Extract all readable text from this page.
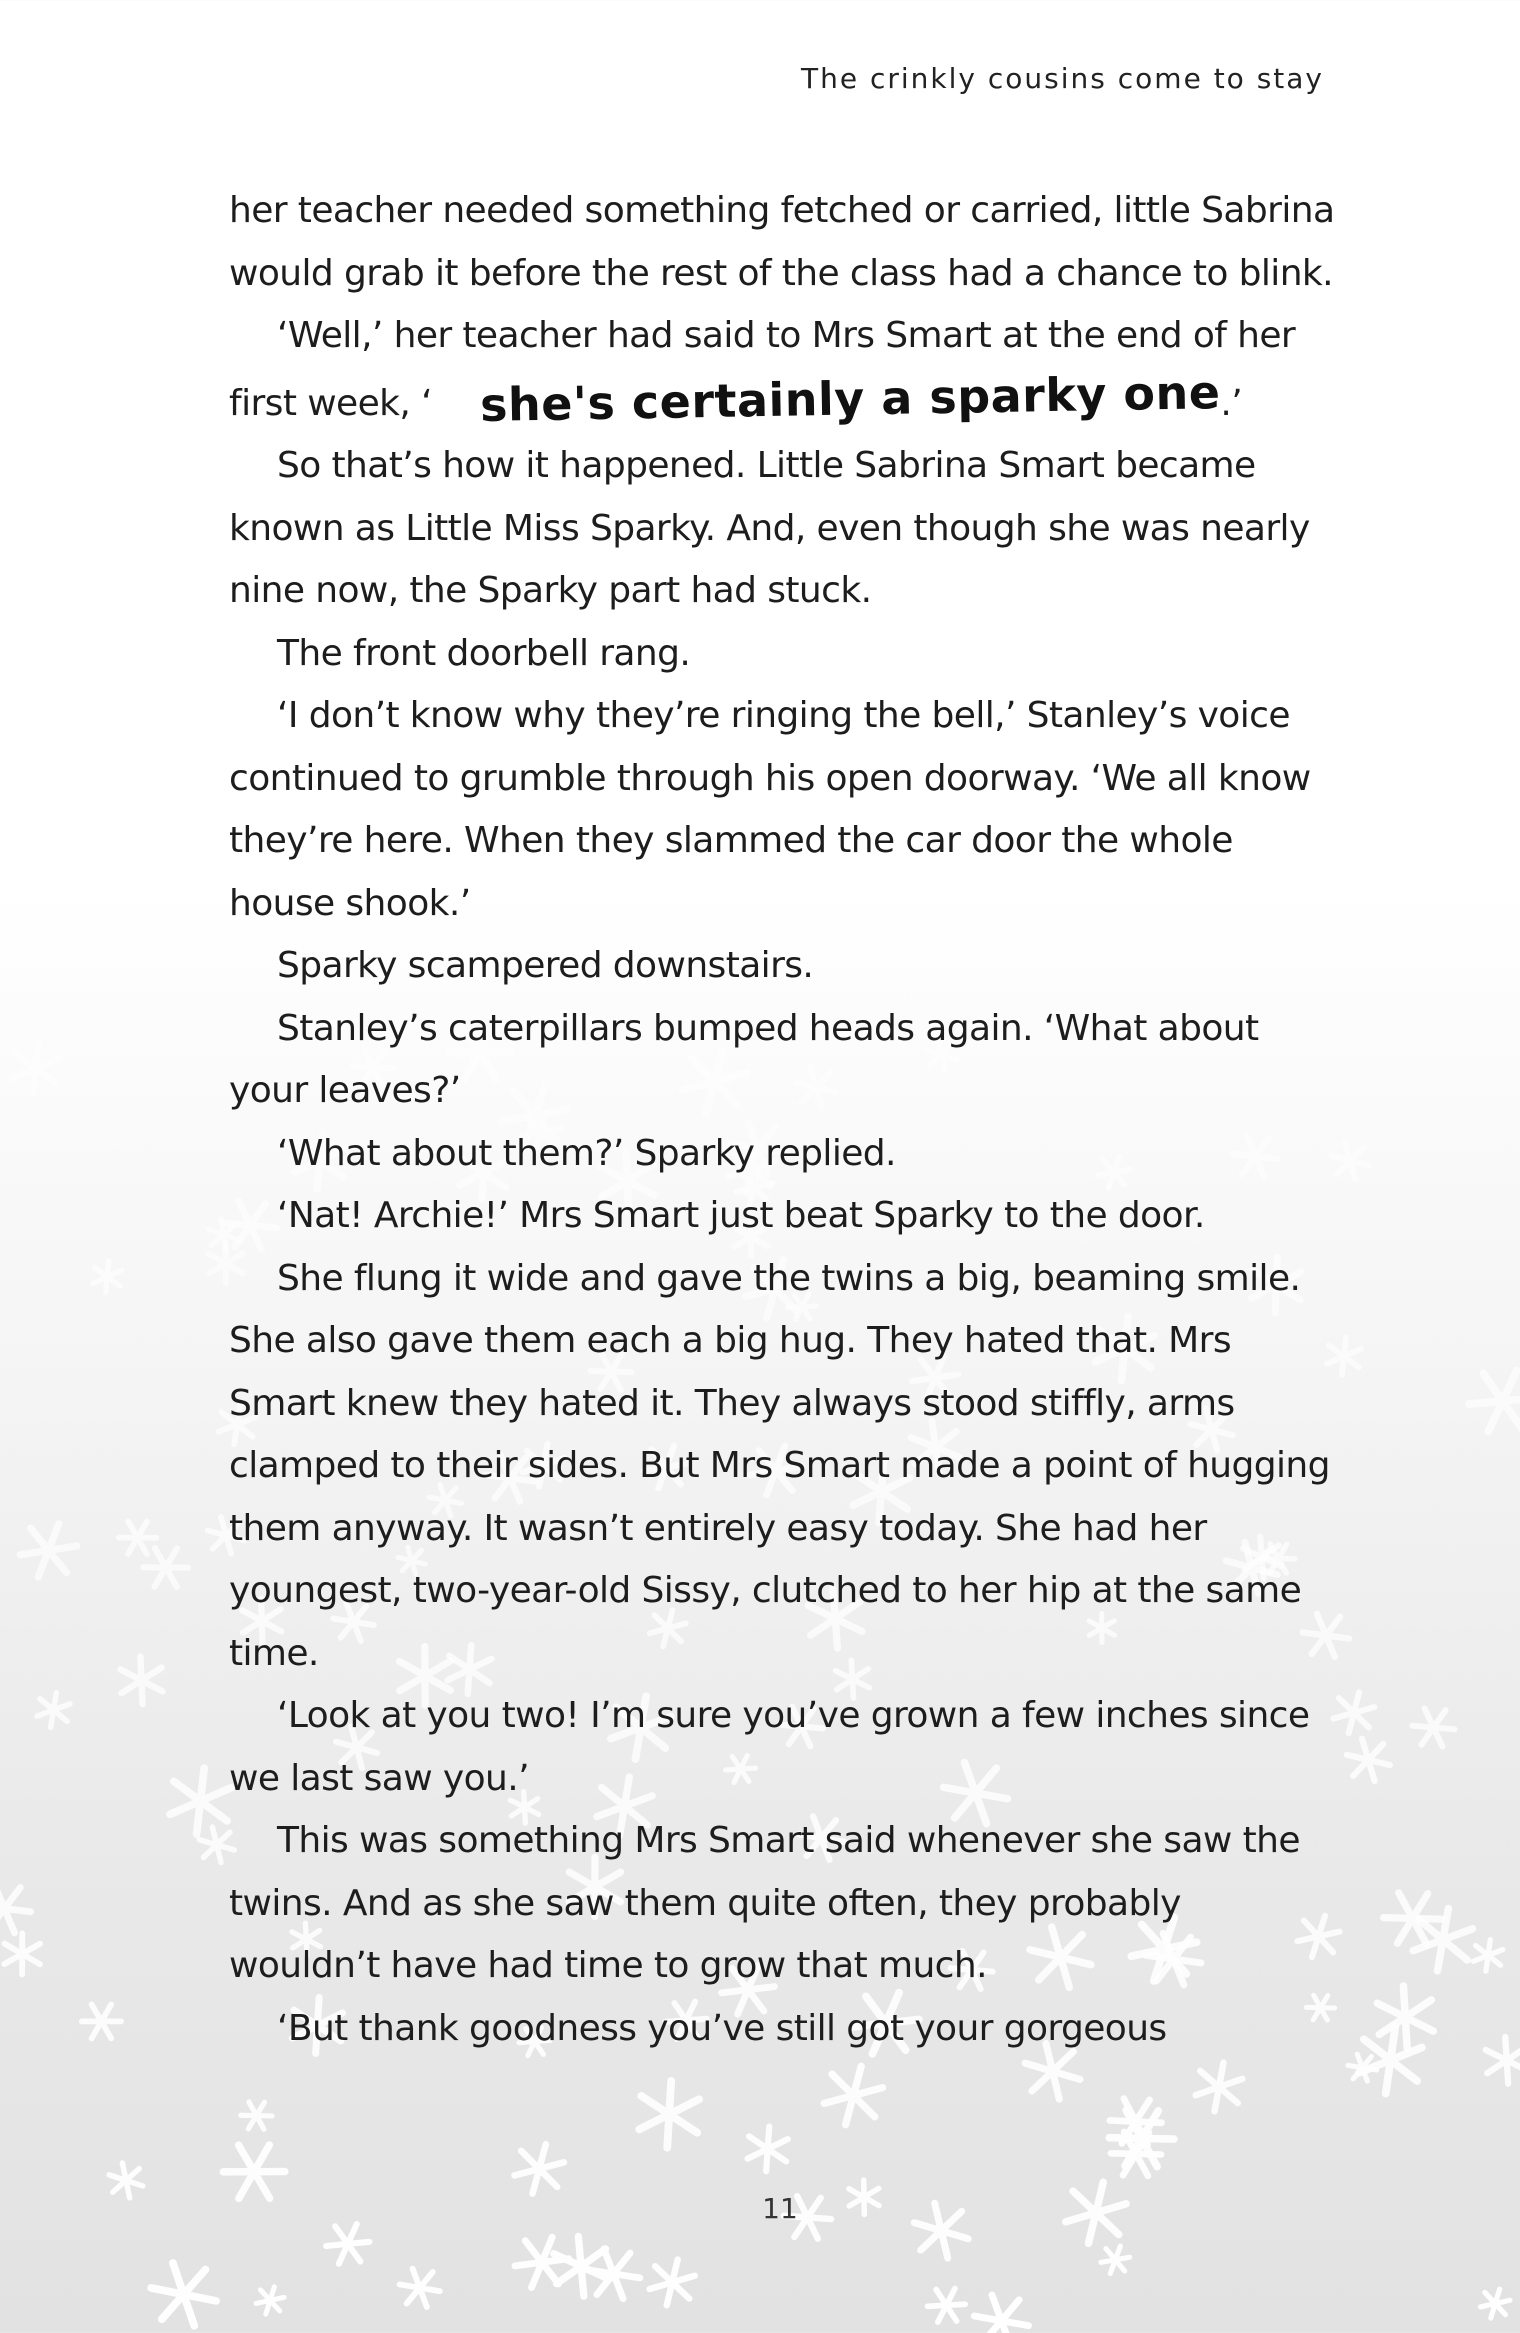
The crinkly cousins come to stay

her teacher needed something fetched or carried, little Sabrina would grab it before the rest of the class had a chance to blink.

‘Well,’ her teacher had said to Mrs Smart at the end of her first week, ‘ she's certainly a sparky one.’

So that’s how it happened. Little Sabrina Smart became known as Little Miss Sparky. And, even though she was nearly nine now, the Sparky part had stuck.

The front doorbell rang.

‘I don’t know why they’re ringing the bell,’ Stanley’s voice continued to grumble through his open doorway. ‘We all know they’re here. When they slammed the car door the whole house shook.’

Sparky scampered downstairs.

Stanley’s caterpillars bumped heads again. ‘What about your leaves?’

‘What about them?’ Sparky replied.

‘Nat! Archie!’ Mrs Smart just beat Sparky to the door.

She flung it wide and gave the twins a big, beaming smile. She also gave them each a big hug. They hated that. Mrs Smart knew they hated it. They always stood stiffly, arms clamped to their sides. But Mrs Smart made a point of hugging them anyway. It wasn’t entirely easy today. She had her youngest, two-year-old Sissy, clutched to her hip at the same time.

‘Look at you two! I’m sure you’ve grown a few inches since we last saw you.’

This was something Mrs Smart said whenever she saw the twins. And as she saw them quite often, they probably wouldn’t have had time to grow that much.

‘But thank goodness you’ve still got your gorgeous

11
